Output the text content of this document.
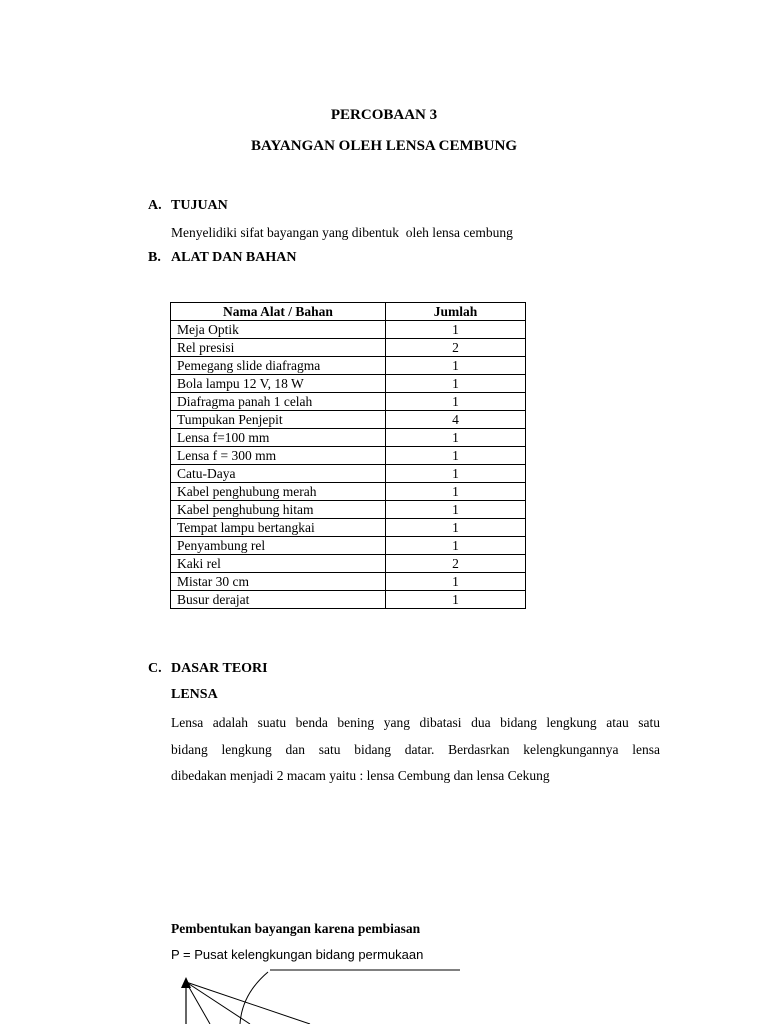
PERCOBAAN 3
BAYANGAN OLEH LENSA CEMBUNG
A. TUJUAN
Menyelidiki sifat bayangan yang dibentuk  oleh lensa cembung
B. ALAT DAN BAHAN
Nama Alat / Bahan	Jumlah
Meja Optik	1
Rel presisi	2
Pemegang slide diafragma	1
Bola lampu 12 V, 18 W	1
Diafragma panah 1 celah	1
Tumpukan Penjepit	4
Lensa f=100 mm	1
Lensa f = 300 mm	1
Catu-Daya	1
Kabel penghubung merah	1
Kabel penghubung hitam	1
Tempat lampu bertangkai	1
Penyambung rel	1
Kaki rel	2
Mistar 30 cm	1
Busur derajat	1
C. DASAR TEORI
LENSA
Lensa adalah suatu benda bening yang dibatasi dua bidang lengkung atau satu
bidang lengkung dan satu bidang datar. Berdasrkan kelengkungannya lensa
dibedakan menjadi 2 macam yaitu : lensa Cembung dan lensa Cekung
Pembentukan bayangan karena pembiasan
P = Pusat kelengkungan bidang permukaan
